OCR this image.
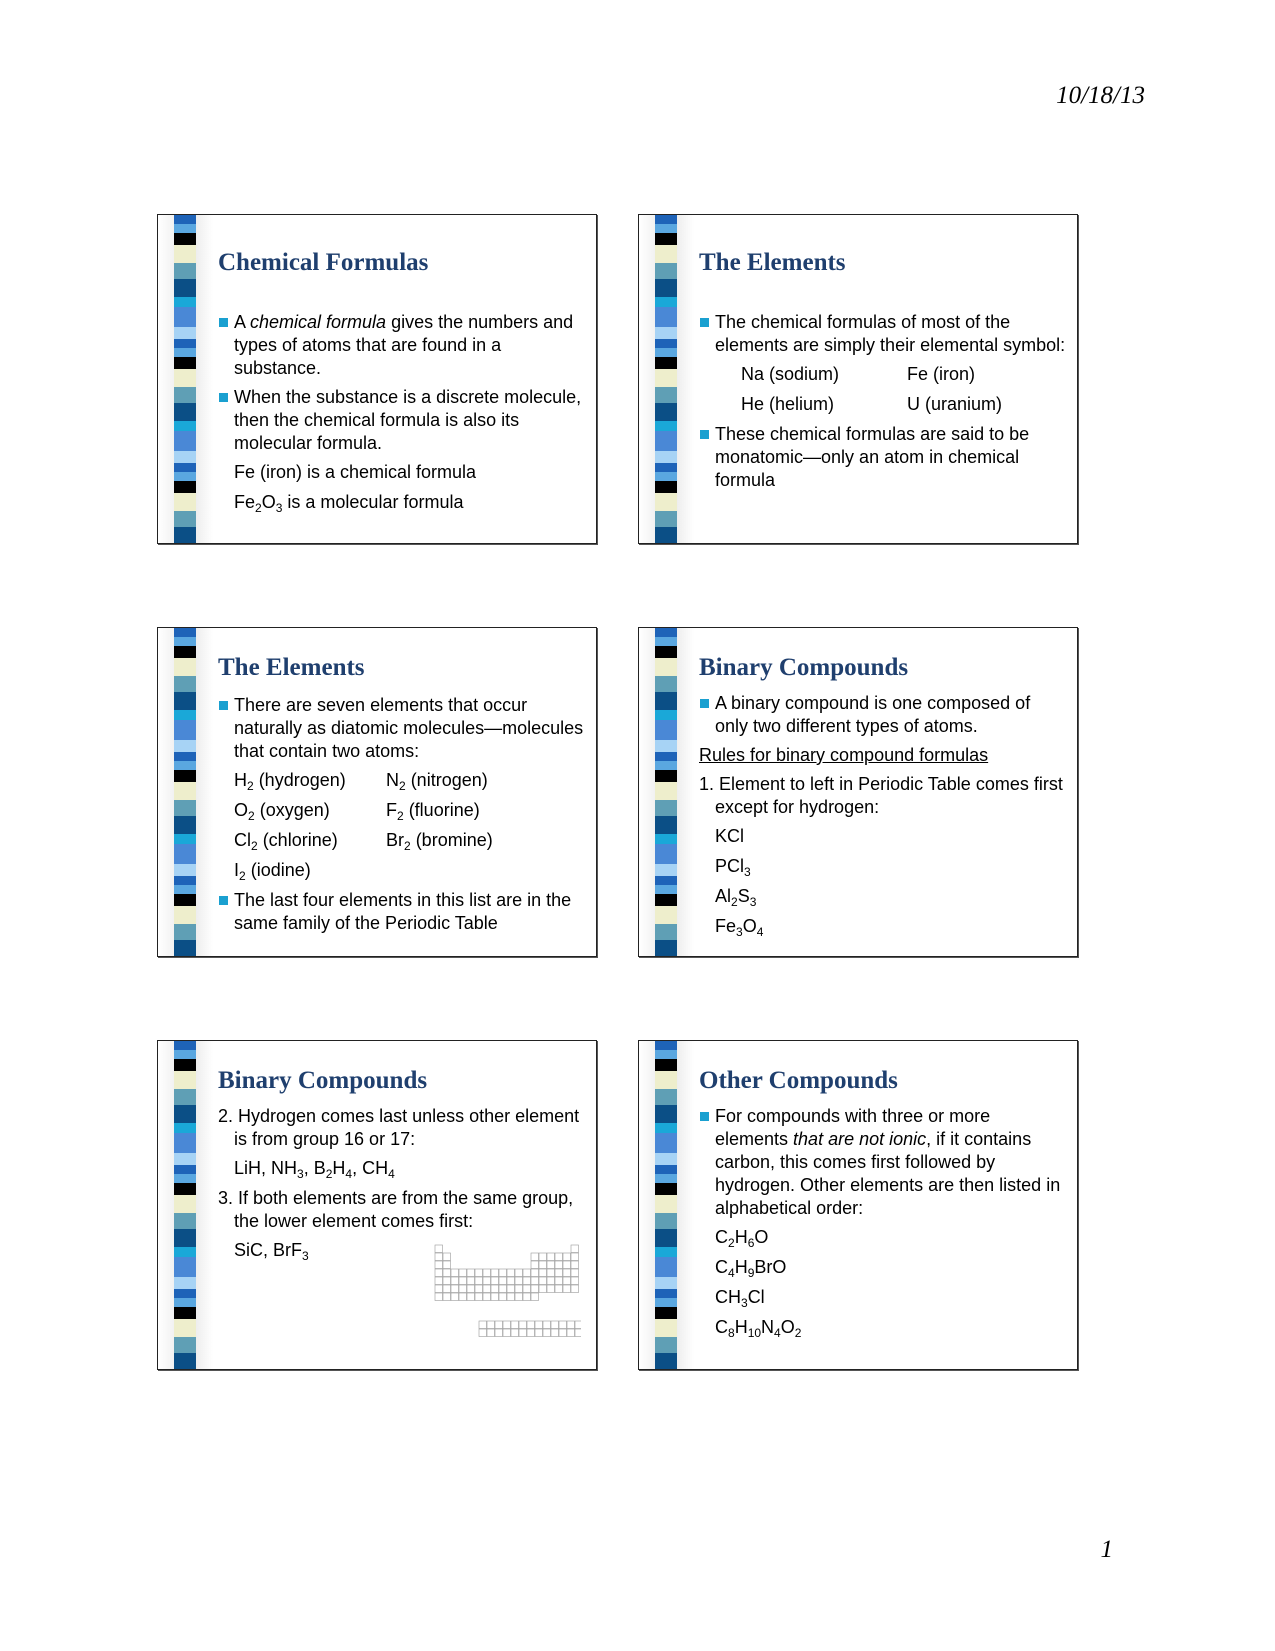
10/18/13
Chemical Formulas
A chemical formula gives the numbers and types of atoms that are found in a substance.
When the substance is a discrete molecule, then the chemical formula is also its molecular formula.
Fe (iron) is a chemical formula
$Fe_2O_3$ is a molecular formula
The Elements
The chemical formulas of most of the elements are simply their elemental symbol:
Na (sodium)	Fe (iron)
He (helium)	U (uranium)
These chemical formulas are said to be monatomic—only an atom in chemical formula
The Elements
There are seven elements that occur naturally as diatomic molecules—molecules that contain two atoms:
$H_2$ (hydrogen)	$N_2$ (nitrogen)
$O_2$ (oxygen)	$F_2$ (fluorine)
$Cl_2$ (chlorine)	$Br_2$ (bromine)
$I_2$ (iodine)
The last four elements in this list are in the same family of the Periodic Table
Binary Compounds
A binary compound is one composed of only two different types of atoms.
Rules for binary compound formulas
1. Element to left in Periodic Table comes first except for hydrogen:
KCl
PCl$_3$
$Al_2S_3$
$Fe_3O_4$
Binary Compounds
2. Hydrogen comes last unless other element is from group 16 or 17:
LiH, $NH_3$, $B_2H_4$, $CH_4$
3. If both elements are from the same group, the lower element comes first:
SiC, BrF$_3$
Other Compounds
For compounds with three or more elements that are not ionic, if it contains carbon, this comes first followed by hydrogen. Other elements are then listed in alphabetical order:
$C_2H_6O$
$C_4H_9BrO$
$CH_3Cl$
$C_8H_{10}N_4O_2$
1
